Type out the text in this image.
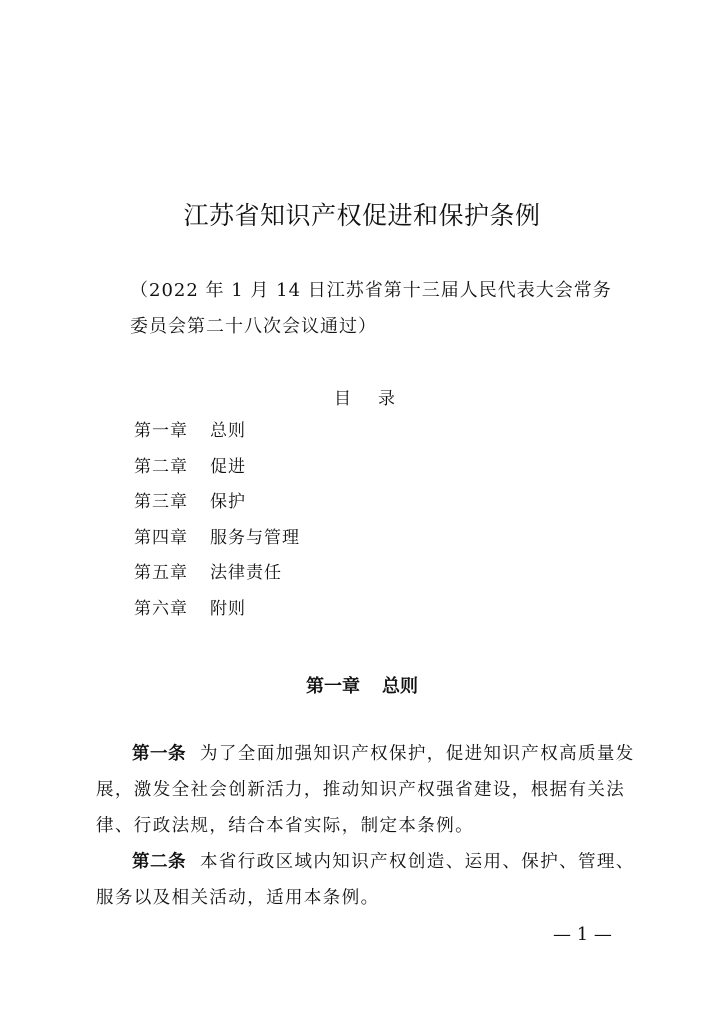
江苏省知识产权促进和保护条例
（2022 年 1 月 14 日江苏省第十三届人民代表大会常务
委员会第二十八次会议通过）
目 录
第一章 总则
第二章 促进
第三章 保护
第四章 服务与管理
第五章 法律责任
第六章 附则
第一章 总则

第一条 为了全面加强知识产权保护，促进知识产权高质量发展，激发全社会创新活力，推动知识产权强省建设，根据有关法律、行政法规，结合本省实际，制定本条例。

第二条 本省行政区域内知识产权创造、运用、保护、管理、服务以及相关活动，适用本条例。

— 1 —
